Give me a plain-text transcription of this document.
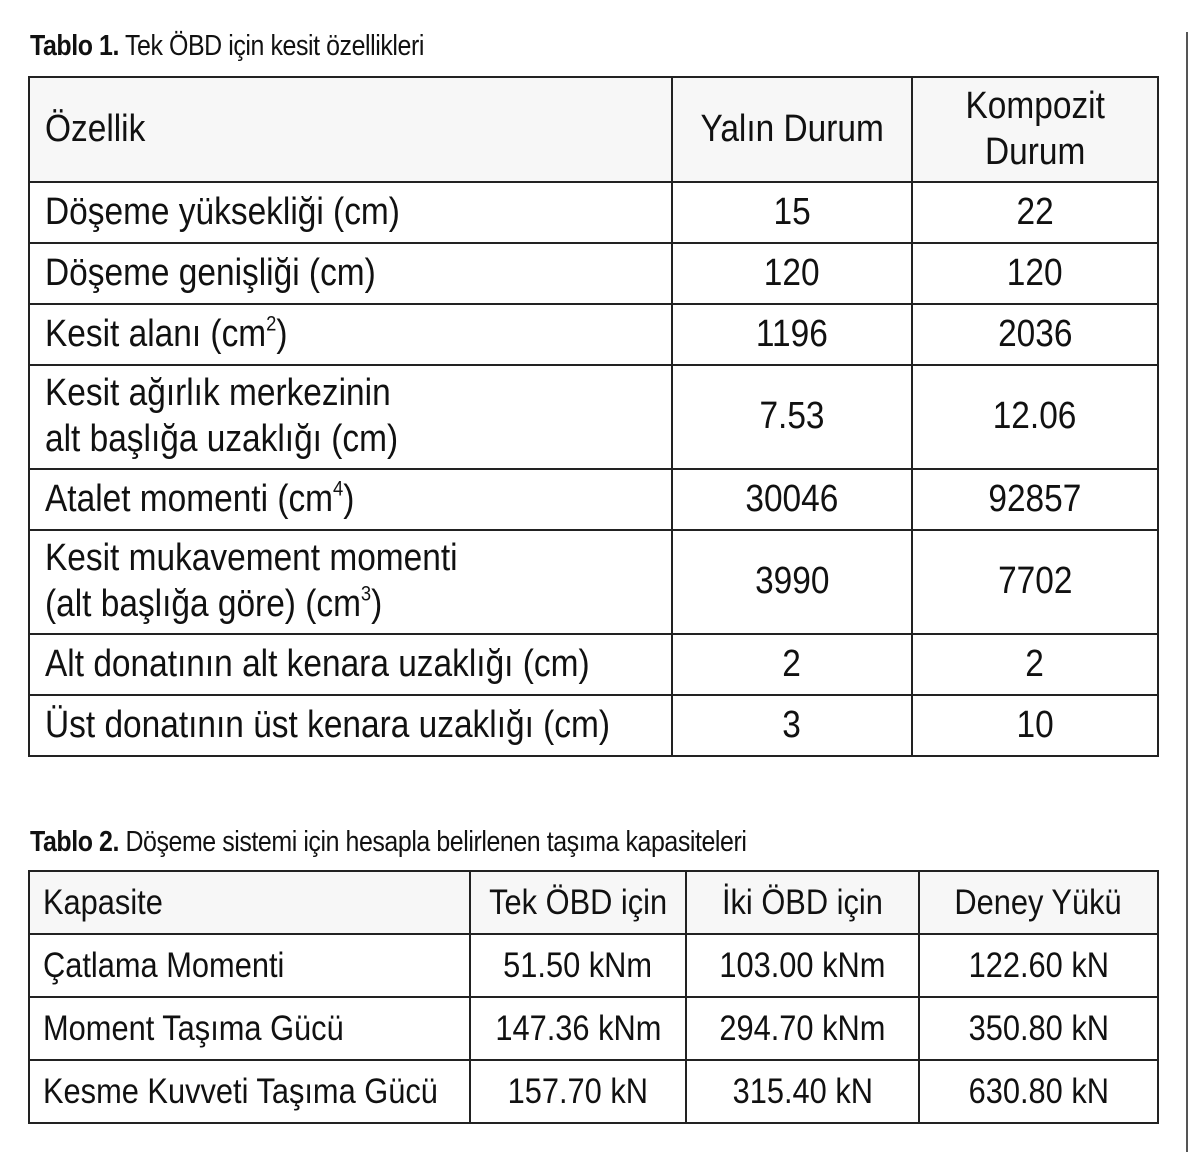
Tablo 1. Tek ÖBD için kesit özellikleri
Özellik	Yalın Durum	Kompozit
Durum
Döşeme yüksekliği (cm)	15	22
Döşeme genişliği (cm)	120	120
Kesit alanı $(cm^2)$	1196	2036
Kesit ağırlık merkezinin
alt başlığa uzaklığı (cm)	7.53	12.06
Atalet momenti $(cm^4)$	30046	92857
Kesit mukavement momenti
(alt başlığa göre) $(cm^3)$	3990	7702
Alt donatının alt kenara uzaklığı (cm)	2	2
Üst donatının üst kenara uzaklığı (cm)	3	10
Tablo 2. Döşeme sistemi için hesapla belirlenen taşıma kapasiteleri
Kapasite	Tek ÖBD için	İki ÖBD için	Deney Yükü
Çatlama Momenti	51.50 kNm	103.00 kNm	122.60 kN
Moment Taşıma Gücü	147.36 kNm	294.70 kNm	350.80 kN
Kesme Kuvveti Taşıma Gücü	157.70 kN	315.40 kN	630.80 kN
